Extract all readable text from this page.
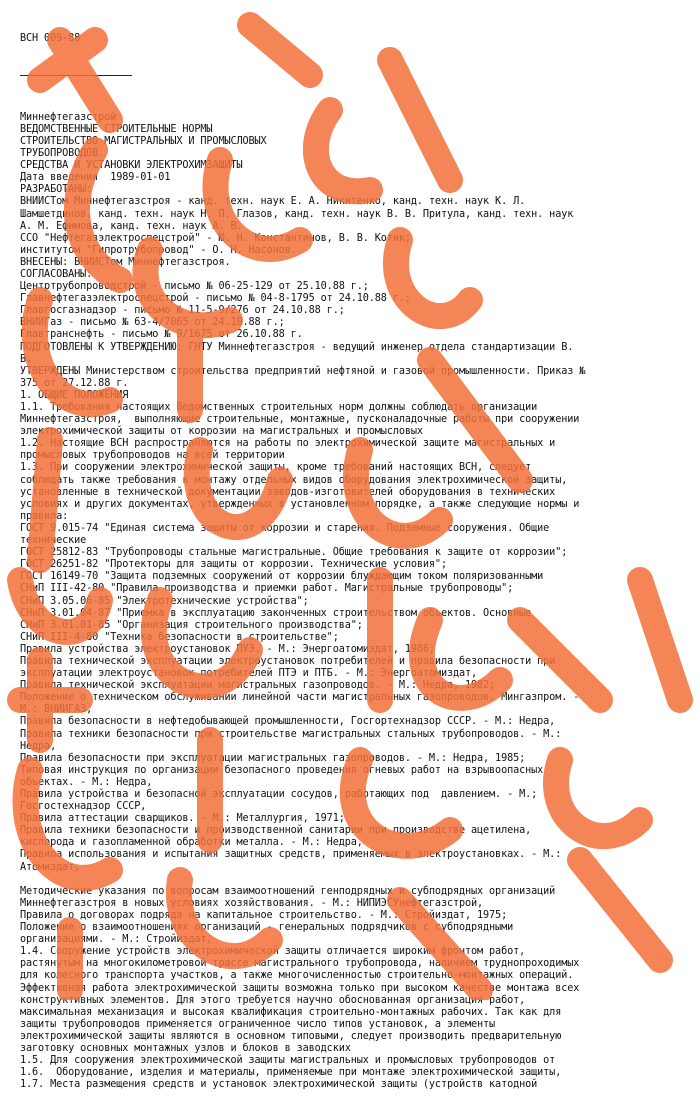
ВСН 009-88

Миннефтегазстрой
ВЕДОМСТВЕННЫЕ СТРОИТЕЛЬНЫЕ НОРМЫ
СТРОИТЕЛЬСТВО МАГИСТРАЛЬНЫХ И ПРОМЫСЛОВЫХ
ТРУБОПРОВОДОВ.
СРЕДСТВА И УСТАНОВКИ ЭЛЕКТРОХИМЗАЩИТЫ
Дата введения  1989-01-01
РАЗРАБОТАНЫ:
ВНИИСТом Миннефтегазстроя - канд. техн. наук Е. А. Никитенко, канд. техн. наук К. Л.
Шамшетдинов, канд. техн. наук Н. П. Глазов, канд. техн. наук В. В. Притула, канд. техн. наук
А. М. Ефимова, канд. техн. наук А. В.
ССО "Нефтегазэлектроспецстрой" - Ю. Н. Константинов, В. В. Котик;
институтом "Гипротрубопровод" - О. Н. Насонов.
ВНЕСЕНЫ: ВНИИСТом Миннефтегазстроя.
СОГЛАСОВАНЫ:
Центртрубопроводстрой - письмо № 06-25-129 от 25.10.88 г.;
Главнефтегазэлектроспецстрой - письмо № 04-8-1795 от 24.10.88 г.;
Главгосгазнадзор - письмо № 11-5-9/276 от 24.10.88 г.;
ВНИИГаз - письмо № 63-4/7065 от 24.10.88 г.;
Главтранснефть - письмо № 9/1675 от 26.10.88 г.
ПОДГОТОВЛЕНЫ К УТВЕРЖДЕНИЮ: ГНТУ Миннефтегазстроя - ведущий инженер отдела стандартизации В.
В.
УТВЕРЖДЕНЫ Министерством строительства предприятий нефтяной и газовой промышленности. Приказ №
375 от 27.12.88 г.
1. ОБЩИЕ ПОЛОЖЕНИЯ
1.1. Требования настоящих Ведомственных строительных норм должны соблюдать организации
Миннефтегазстроя,  выполняющие строительные, монтажные, пусконаладочные работы при сооружении
электрохимической защиты от коррозии на магистральных и промысловых
1.2. Настоящие ВСН распространяются на работы по электрохимической защите магистральных и
промысловых трубопроводов на всей территории
1.3. При сооружении электрохимической защиты, кроме требований настоящих ВСН, следует
соблюдать также требования к монтажу отдельных видов оборудования электрохимической защиты,
установленные в технической документации заводов-изготовителей оборудования в технических
условиях и других документах, утвержденных в установленном порядке, а также следующие нормы и
правила:
ГОСТ 9.015-74 "Единая система защиты от коррозии и старения. Подземные сооружения. Общие
технические
ГОСТ 25812-83 "Трубопроводы стальные магистральные. Общие требования к защите от коррозии";
ГОСТ 26251-82 "Протекторы для защиты от коррозии. Технические условия";
ГОСТ 16149-70 "Защита подземных сооружений от коррозии блуждающим током поляризованными
СНиП III-42-80 "Правила производства и приемки работ. Магистральные трубопроводы";
СНиП 3.05.06-85 "Электротехнические устройства";
СНиП 3.01.04-87 "Приемка в эксплуатацию законченных строительством объектов. Основные
СНиП 3.01.01-85 "Организация строительного производства";
СНиП III-4-80 "Техника безопасности в строительстве";
Правила устройства электроустановок ПУЭ. - М.: Энергоатомиздат, 1986;
Правила технической эксплуатации электроустановок потребителей и правила безопасности при
эксплуатации электроустановок потребителей ПТЭ и ПТБ. - М.: Энергоатомиздат,
Правила технической эксплуатации магистральных газопроводов. - М.: Недра, 1982;
Положение о техническом обслуживании линейной части магистральных газопроводов. Мингазпром. -
М.: ВНИИГАЗ,
Правила безопасности в нефтедобывающей промышленности, Госгортехнадзор СССР. - М.: Недра,
Правила техники безопасности при строительстве магистральных стальных трубопроводов. - М.:
Недра,
Правила безопасности при эксплуатации магистральных газопроводов. - М.: Недра, 1985;
Типовая инструкция по организации безопасного проведения огневых работ на взрывоопасных
объектах. - М.: Недра,
Правила устройства и безопасной эксплуатации сосудов, работающих под  давлением. - М.;
Госгостехнадзор СССР,
Правила аттестации сварщиков. - М.: Металлургия, 1971;
Правила техники безопасности и производственной санитарии при производстве ацетилена,
кислорода и газопламенной обработки металла. - М.: Недра,
Правила использования и испытания защитных средств, применяемых в электроустановках. - М.:
Атомиздат,
Методические указания по вопросам взаимоотношений генподрядных и субподрядных организаций
Миннефтегазстроя в новых условиях хозяйствования. - М.: НИПИЭСУнефтегазстрой,
Правила о договорах подряда на капитальное строительство. - М.: Стройиздат, 1975;
Положение о взаимоотношениях организаций - генеральных подрядчиков с субподрядными
организациями. - М.: Стройиздат,
1.4. Сооружение устройств электрохимической защиты отличается широким фронтом работ,
растянутым на многокилометровой трассе магистрального трубопровода, наличием труднопроходимых
для колесного транспорта участков, а также многочисленностью строительно-монтажных операций.
Эффективная работа электрохимической защиты возможна только при высоком качестве монтажа всех
конструктивных элементов. Для этого требуется научно обоснованная организация работ,
максимальная механизация и высокая квалификация строительно-монтажных рабочих. Так как для
защиты трубопроводов применяется ограниченное число типов установок, а элементы
электрохимической защиты являются в основном типовыми, следует производить предварительную
заготовку основных монтажных узлов и блоков в заводских
1.5. Для сооружения электрохимической защиты магистральных и промысловых трубопроводов от
1.6.  Оборудование, изделия и материалы, применяемые при монтаже электрохимической защиты,
1.7. Места размещения средств и установок электрохимической защиты (устройств катодной
